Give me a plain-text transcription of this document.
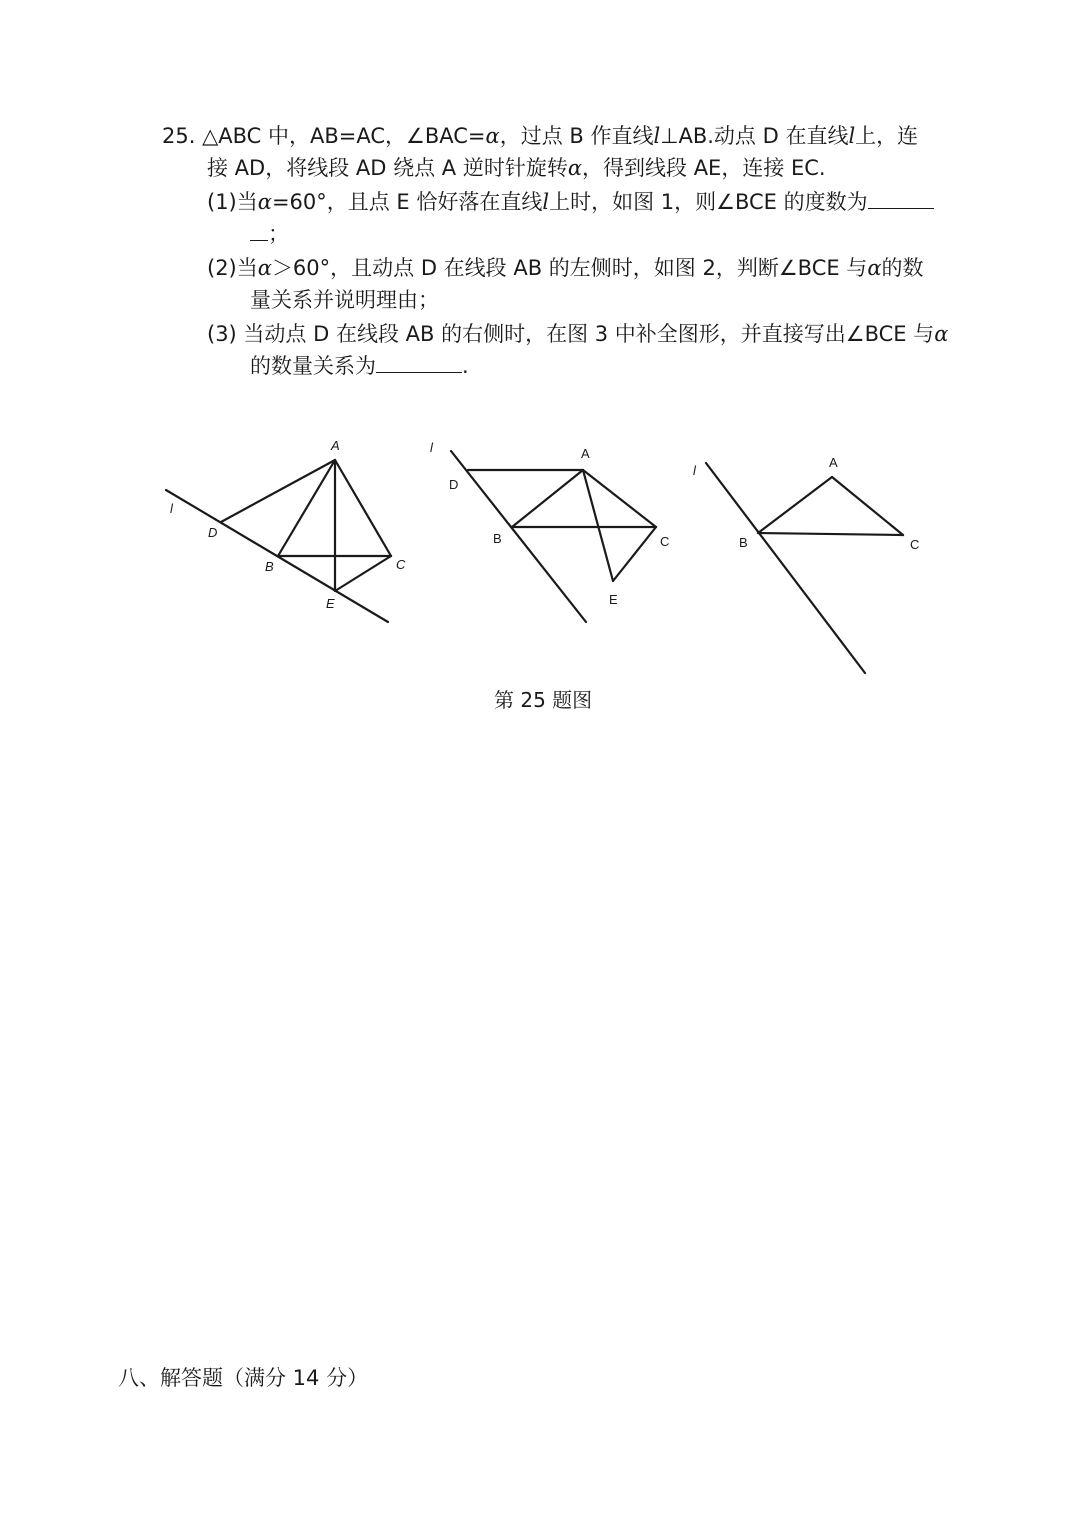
25. △ABC 中，AB=AC，∠BAC=α，过点 B 作直线l⊥AB.动点 D 在直线l上，连
接 AD，将线段 AD 绕点 A 逆时针旋转α，得到线段 AE，连接 EC.
(1)当α=60°，且点 E 恰好落在直线l上时，如图 1，则∠BCE 的度数为
；
(2)当α＞60°，且动点 D 在线段 AB 的左侧时，如图 2，判断∠BCE 与α的数
量关系并说明理由；
(3) 当动点 D 在线段 AB 的右侧时，在图 3 中补全图形，并直接写出∠BCE 与α
的数量关系为	.
A
D
B	C
E
l
A
D
B	C
E
l
A
B	C
l
第 25 题图
八、解答题（满分 14 分）
